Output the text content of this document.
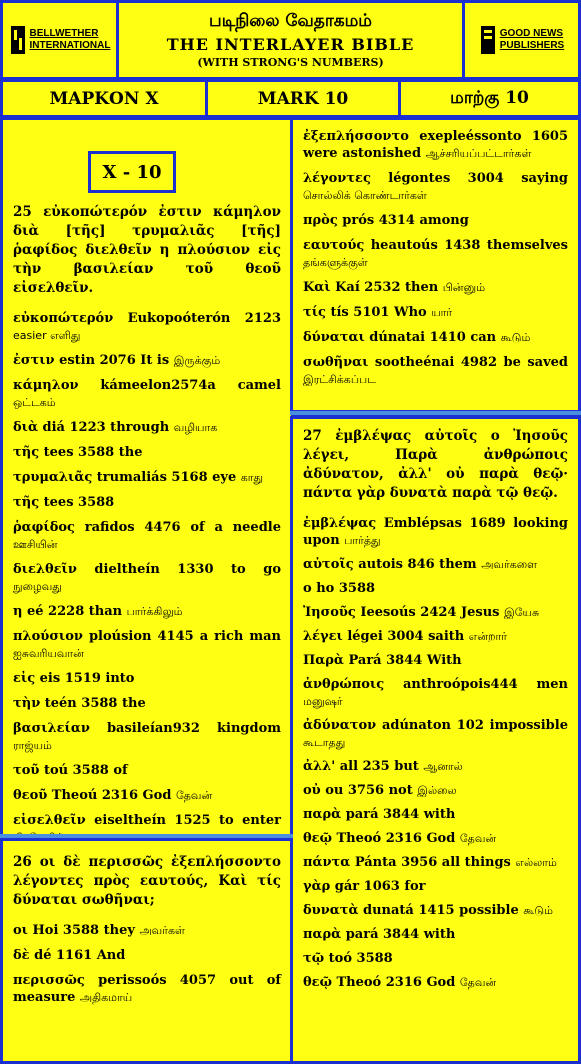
BELLWETHER
INTERNATIONAL
படிநிலை வேதாகமம்
THE INTERLAYER BIBLE
(WITH STRONG'S NUMBERS)
GOOD NEWS
PUBLISHERS
ΜΑΡΚΟΝ Χ	MARK 10	மாற்கு 10
X - 10
25 εὐκοπώτερόν ἐστιν κάμηλον διὰ [τῆς] τρυμαλιᾶς [τῆς] ῥαφίδος διελθεῖν η πλούσιον εἰς τὴν βασιλείαν τοῦ θεοῦ εἰσελθεῖν.
εὐκοπώτερόν Eukopoóterón 2123 easier எளிது
ἐστιν estin 2076 It is இருக்கும்
κάμηλον kámeelon2574a camel ஒட்டகம்
διὰ diá 1223 through வழியாக
τῆς tees 3588 the
τρυμαλιᾶς trumaliás 5168 eye காது
τῆς tees 3588
ῥαφίδος rafidos 4476 of a needle ஊசியின்
διελθεῖν dieltheín 1330 to go நுழைவது
η eé 2228 than பார்க்கிலும்
πλούσιον ploúsion 4145 a rich man ஐசுவரியவான்
εἰς eis 1519 into
τὴν teén 3588 the
βασιλείαν basileían932 kingdom ராஜ்யம்
τοῦ toú 3588 of
θεοῦ Theoú 2316 God தேவன்
εἰσελθεῖν eiseltheín 1525 to enter
26 οι δὲ περισσῶς ἐξεπλήσσοντο λέγοντες πρὸς εαυτούς, Καὶ τίς δύναται σωθῆναι;
οι Hoi 3588 they அவர்கள்
δὲ dé 1161 And
περισσῶς perissoós 4057 out of measure அதிகமாய்
ἐξεπλήσσοντο exepleéssonto 1605 were astonished ஆச்சரியப்பட்டார்கள்
λέγοντες légontes 3004 saying சொல்லிக் கொண்டார்கள்
πρὸς prós 4314 among
εαυτούς heautoús 1438 themselves தங்களுக்குள்
Καὶ Kaí 2532 then பின்னும்
τίς tís 5101 Who யார்
δύναται dúnatai 1410 can கூடும்
σωθῆναι sootheénai 4982 be saved இரட்சிக்கப்பட
27 ἐμβλέψας αὐτοῖς ο Ἰησοῦς λέγει, Παρὰ ἀνθρώποις ἀδύνατον, ἀλλ' οὐ παρὰ θεῷ· πάντα γὰρ δυνατὰ παρὰ τῷ θεῷ.
ἐμβλέψας Emblépsas 1689 looking upon பார்த்து
αὐτοῖς autois 846 them அவர்களை
ο ho 3588
Ἰησοῦς Ieesoús 2424 Jesus இயேசு
λέγει légei 3004 saith என்றார்
Παρὰ Pará 3844 With
ἀνθρώποις anthroópois444 men மனுஷர்
ἀδύνατον adúnaton 102 impossible கூடாதது
ἀλλ' all 235 but ஆனால்
οὐ ou 3756 not இல்லை
παρὰ pará 3844 with
θεῷ Theoó 2316 God தேவன்
πάντα Pánta 3956 all things எல்லாம்
γὰρ gár 1063 for
δυνατὰ dunatá 1415 possible கூடும்
παρὰ pará 3844 with
τῷ toó 3588
θεῷ Theoó 2316 God தேவன்
